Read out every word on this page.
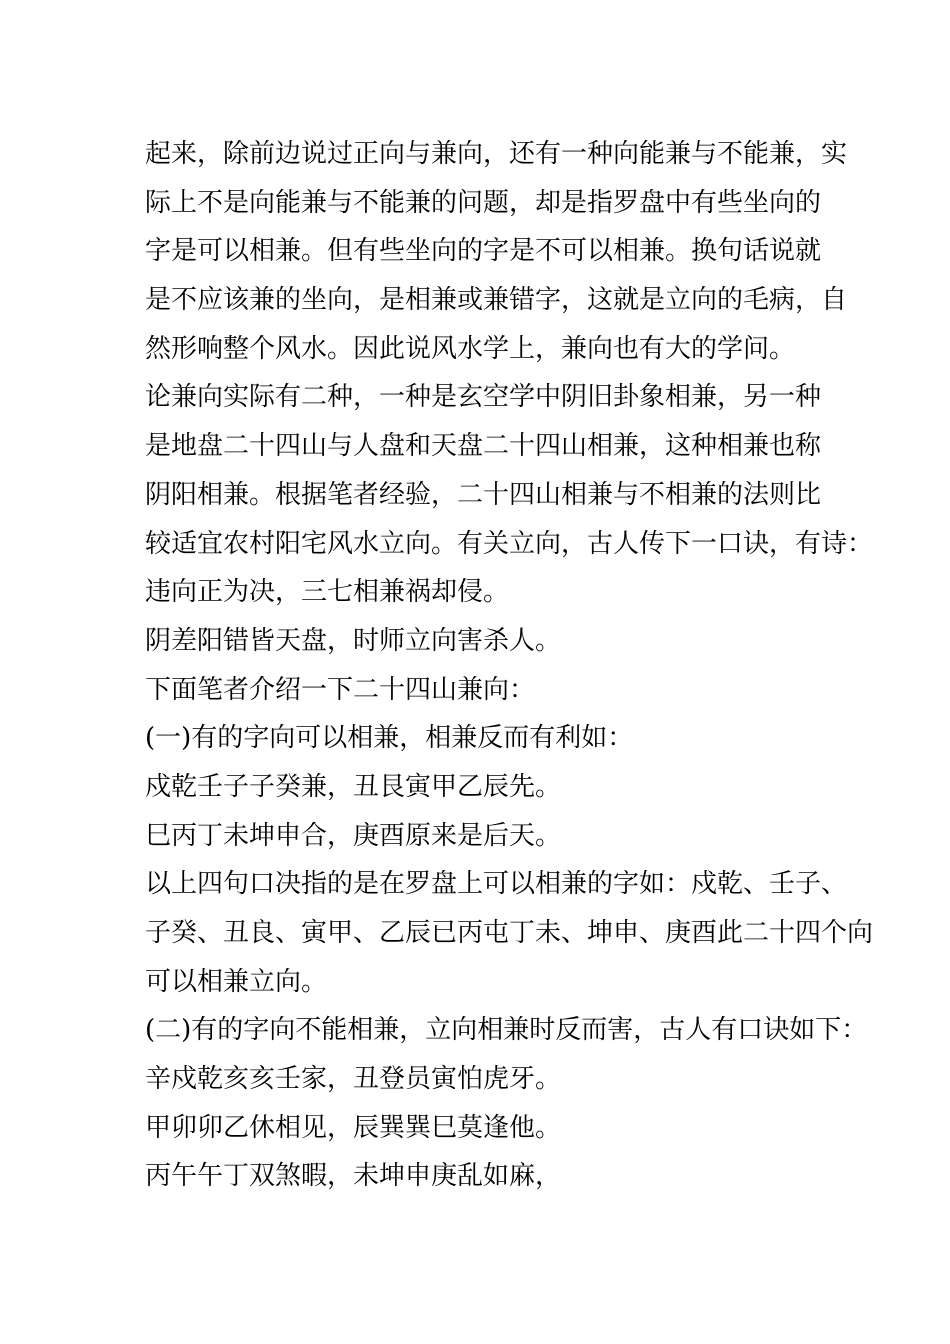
起来，除前边说过正向与兼向，还有一种向能兼与不能兼，实
际上不是向能兼与不能兼的问题，却是指罗盘中有些坐向的
字是可以相兼。但有些坐向的字是不可以相兼。换句话说就
是不应该兼的坐向，是相兼或兼错字，这就是立向的毛病，自
然形响整个风水。因此说风水学上，兼向也有大的学问。
论兼向实际有二种，一种是玄空学中阴旧卦象相兼，另一种
是地盘二十四山与人盘和天盘二十四山相兼，这种相兼也称
阴阳相兼。根据笔者经验，二十四山相兼与不相兼的法则比
较适宜农村阳宅风水立向。有关立向，古人传下一口诀，有诗：
违向正为决，三七相兼祸却侵。
阴差阳错皆天盘，时师立向害杀人。
下面笔者介绍一下二十四山兼向：
(一)有的字向可以相兼，相兼反而有利如：
戍乾壬子子癸兼，丑艮寅甲乙辰先。
巳丙丁未坤申合，庚酉原来是后天。
以上四句口决指的是在罗盘上可以相兼的字如：戍乾、壬子、
子癸、丑良、寅甲、乙辰已丙屯丁未、坤申、庚酉此二十四个向
可以相兼立向。
(二)有的字向不能相兼，立向相兼时反而害，古人有口诀如下：
辛戍乾亥亥壬家，丑登员寅怕虎牙。
甲卯卯乙休相见，辰巽巽巳莫逢他。
丙午午丁双煞暇，未坤申庚乱如麻，
